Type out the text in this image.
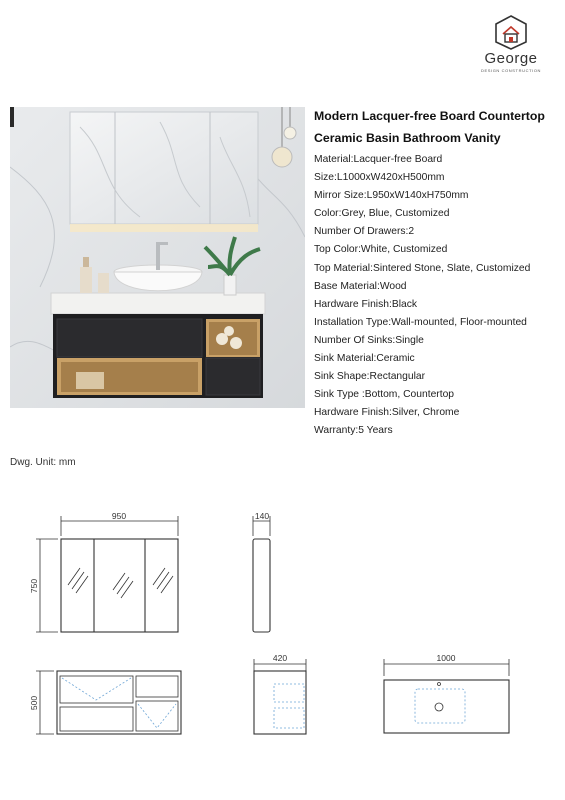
George
DESIGN CONSTRUCTION
Modern Lacquer-free Board Countertop
Ceramic Basin Bathroom Vanity
Material:Lacquer-free Board
Size:L1000xW420xH500mm
Mirror Size:L950xW140xH750mm
Color:Grey, Blue, Customized
Number Of Drawers:2
Top Color:White, Customized
Top Material:Sintered Stone, Slate, Customized
Base Material:Wood
Hardware Finish:Black
Installation Type:Wall-mounted, Floor-mounted
Number Of Sinks:Single
Sink Material:Ceramic
Sink Shape:Rectangular
Sink Type :Bottom, Countertop
Hardware Finish:Silver, Chrome
Warranty:5 Years
Dwg. Unit: mm
950	140
750
500
420	1000
